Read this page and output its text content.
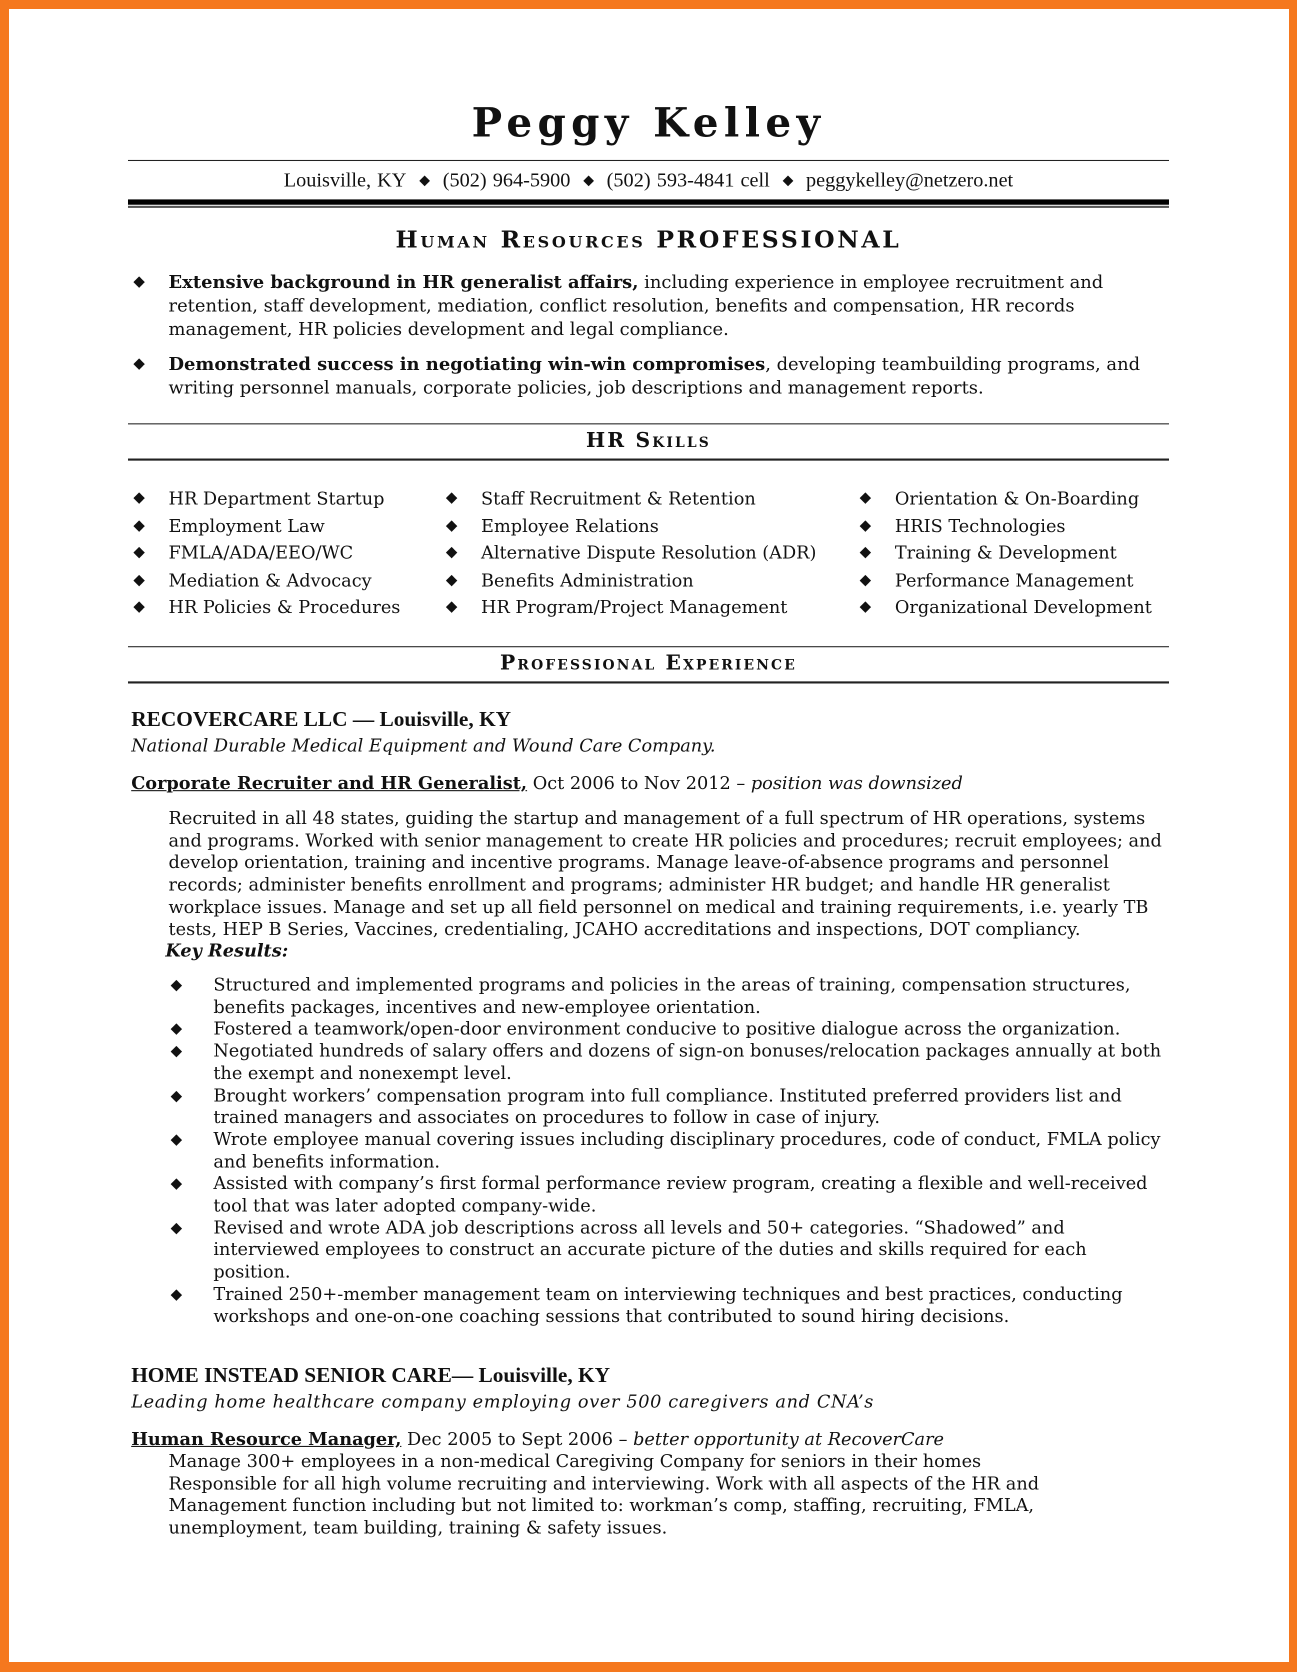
Peggy Kelley
Louisville, KY ◆ (502) 964-5900 ◆ (502) 593-4841 cell ◆ peggykelley@netzero.net
Human Resources PROFESSIONAL
◆ Extensive background in HR generalist affairs, including experience in employee recruitment and retention, staff development, mediation, conflict resolution, benefits and compensation, HR records management, HR policies development and legal compliance.
◆ Demonstrated success in negotiating win-win compromises, developing teambuilding programs, and writing personnel manuals, corporate policies, job descriptions and management reports.
HR Skills
◆ HR Department Startup
◆ Employment Law
◆ FMLA/ADA/EEO/WC
◆ Mediation & Advocacy
◆ HR Policies & Procedures
◆ Staff Recruitment & Retention
◆ Employee Relations
◆ Alternative Dispute Resolution (ADR)
◆ Benefits Administration
◆ HR Program/Project Management
◆ Orientation & On-Boarding
◆ HRIS Technologies
◆ Training & Development
◆ Performance Management
◆ Organizational Development
Professional Experience
RECOVERCARE LLC — Louisville, KY
National Durable Medical Equipment and Wound Care Company.
Corporate Recruiter and HR Generalist, Oct 2006 to Nov 2012 – position was downsized
Recruited in all 48 states, guiding the startup and management of a full spectrum of HR operations, systems and programs. Worked with senior management to create HR policies and procedures; recruit employees; and develop orientation, training and incentive programs. Manage leave-of-absence programs and personnel records; administer benefits enrollment and programs; administer HR budget; and handle HR generalist workplace issues. Manage and set up all field personnel on medical and training requirements, i.e. yearly TB tests, HEP B Series, Vaccines, credentialing, JCAHO accreditations and inspections, DOT compliancy.
Key Results:
◆ Structured and implemented programs and policies in the areas of training, compensation structures, benefits packages, incentives and new-employee orientation.
◆ Fostered a teamwork/open-door environment conducive to positive dialogue across the organization.
◆ Negotiated hundreds of salary offers and dozens of sign-on bonuses/relocation packages annually at both the exempt and nonexempt level.
◆ Brought workers’ compensation program into full compliance. Instituted preferred providers list and trained managers and associates on procedures to follow in case of injury.
◆ Wrote employee manual covering issues including disciplinary procedures, code of conduct, FMLA policy and benefits information.
◆ Assisted with company’s first formal performance review program, creating a flexible and well-received tool that was later adopted company-wide.
◆ Revised and wrote ADA job descriptions across all levels and 50+ categories. “Shadowed” and interviewed employees to construct an accurate picture of the duties and skills required for each position.
◆ Trained 250+-member management team on interviewing techniques and best practices, conducting workshops and one-on-one coaching sessions that contributed to sound hiring decisions.
HOME INSTEAD SENIOR CARE— Louisville, KY
Leading home healthcare company employing over 500 caregivers and CNA’s
Human Resource Manager, Dec 2005 to Sept 2006 – better opportunity at RecoverCare
Manage 300+ employees in a non-medical Caregiving Company for seniors in their homes
Responsible for all high volume recruiting and interviewing. Work with all aspects of the HR and Management function including but not limited to: workman’s comp, staffing, recruiting, FMLA, unemployment, team building, training & safety issues.
